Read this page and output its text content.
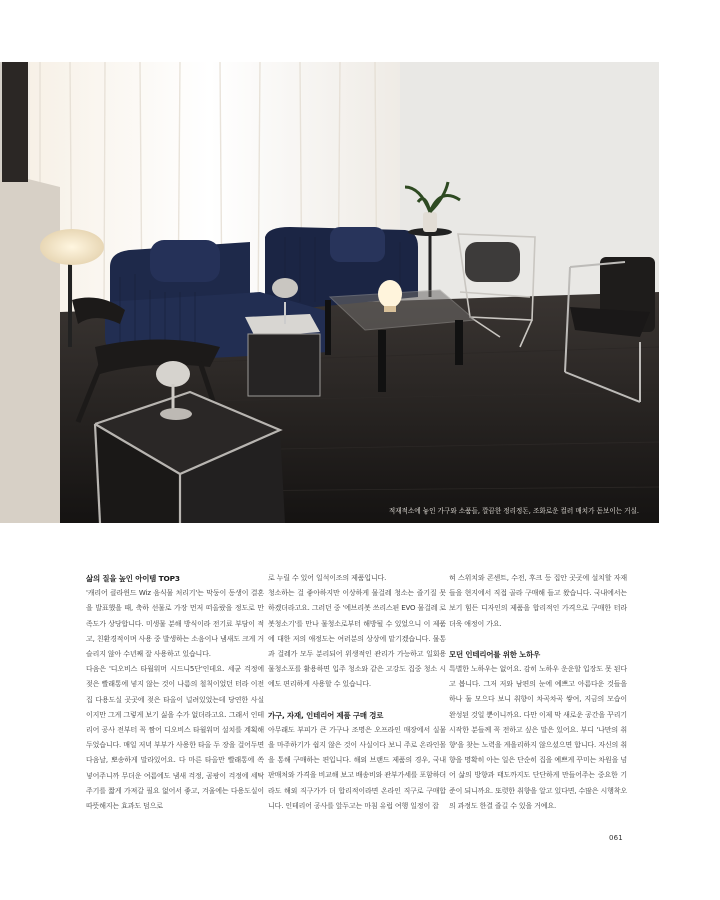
적재적소에 놓인 가구와 소품들, 깔끔한 정리정돈, 조화로운 컬러 매치가 돋보이는 거실.
삶의 질을 높인 아이템 TOP3

'캐리어 클라윈드 Wiz 음식물 처리기'는 막둥이 동생이 결혼을 발표했을 때, 축하 선물로 가장 먼저 떠올랐을 정도로 만족도가 상당합니다. 미생물 분해 방식이라 전기료 부담이 적고, 친환경적이며 사용 중 발생하는 소음이나 냄새도 크게 거슬리지 않아 수년째 잘 사용하고 있습니다.

다음은 '디오비스 타월워머 시드니5단'인데요. 세균 걱정에 젖은 빨래통에 넣지 않는 것이 나름의 철칙이었던 터라 이전 집 다용도실 곳곳에 젖은 타올이 널려있었는데 당연한 사실이지만 그게 그렇게 보기 싫을 수가 없더라고요. 그래서 인테리어 공사 전부터 꼭 짬어 디오비스 타월워머 설치를 계획해두었습니다. 매일 저녁 부부가 사용한 타올 두 장을 걸어두면 다음날, 뽀송하게 말라있어요. 다 마른 타올만 빨래통에 쏙 넣어주니까 무더운 여름에도 냄새 걱정, 곰팡이 걱정에 세탁 주기를 짧게 가져갈 필요 없어서 좋고, 겨울에는 다용도실이 따뜻해지는 효과도 덤으로

로 누릴 수 있어 일석이조의 제품입니다.

청소하는 걸 좋아하지만 이상하게 물걸레 청소는 즐기질 못 하겠더라고요. 그러던 중 '에브리봇 쓰리스핀 EVO 물걸레 로봇청소기'를 만나 물청소로부터 해방될 수 있었으니 이 제품에 대한 저의 애정도는 여러분의 상상에 맡기겠습니다. 물통과 걸레가 모두 분리되어 위생적인 관리가 가능하고 일회용 물청소포를 활용하면 입주 청소와 같은 고강도 집중 청소 시에도 편리하게 사용할 수 있습니다.

가구, 자재, 인테리어 제품 구매 경로

아무래도 부피가 큰 가구나 조명은 오프라인 매장에서 실물을 마주하기가 쉽지 않은 것이 사실이다 보니 주로 온라인몰을 통해 구매하는 편입니다. 해외 브랜드 제품의 경우, 국내 판매처와 가격을 비교해 보고 배송비와 관부가세를 포함하더라도 해외 직구가가 더 합리적이라면 온라인 직구로 구매합니다. 인테리어 공사를 앞두고는 마침 유럽 여행 일정이 잡

혀 스위치와 콘센트, 수전, 후크 등 집안 곳곳에 설치할 자재들을 현지에서 직접 골라 구매해 들고 왔습니다. 국내에서는 보기 힘든 디자인의 제품을 합리적인 가격으로 구매한 터라 더욱 애정이 가요.

모던 인테리어를 위한 노하우

특별한 노하우는 없어요. 감히 노하우 운운할 입장도 못 된다고 봅니다. 그저 저와 남편의 눈에 예쁘고 아름다운 것들을 하나 둘 모으다 보니 취향이 차곡차곡 쌓여, 지금의 모습이 완성된 것일 뿐이니까요. 다만 이제 막 새로운 공간을 꾸리기 시작한 분들께 꼭 전하고 싶은 말은 있어요. 부디 '나만의 취향'을 찾는 노력을 게을리하지 않으셨으면 합니다. 자신의 취향을 명확히 아는 일은 단순히 집을 예쁘게 꾸미는 차원을 넘어 삶의 방향과 태도까지도 단단하게 만들어주는 중요한 기준이 되니까요. 또렷한 취향을 알고 있다면, 수많은 시행착오의 과정도 한결 즐길 수 있을 거예요.

061
